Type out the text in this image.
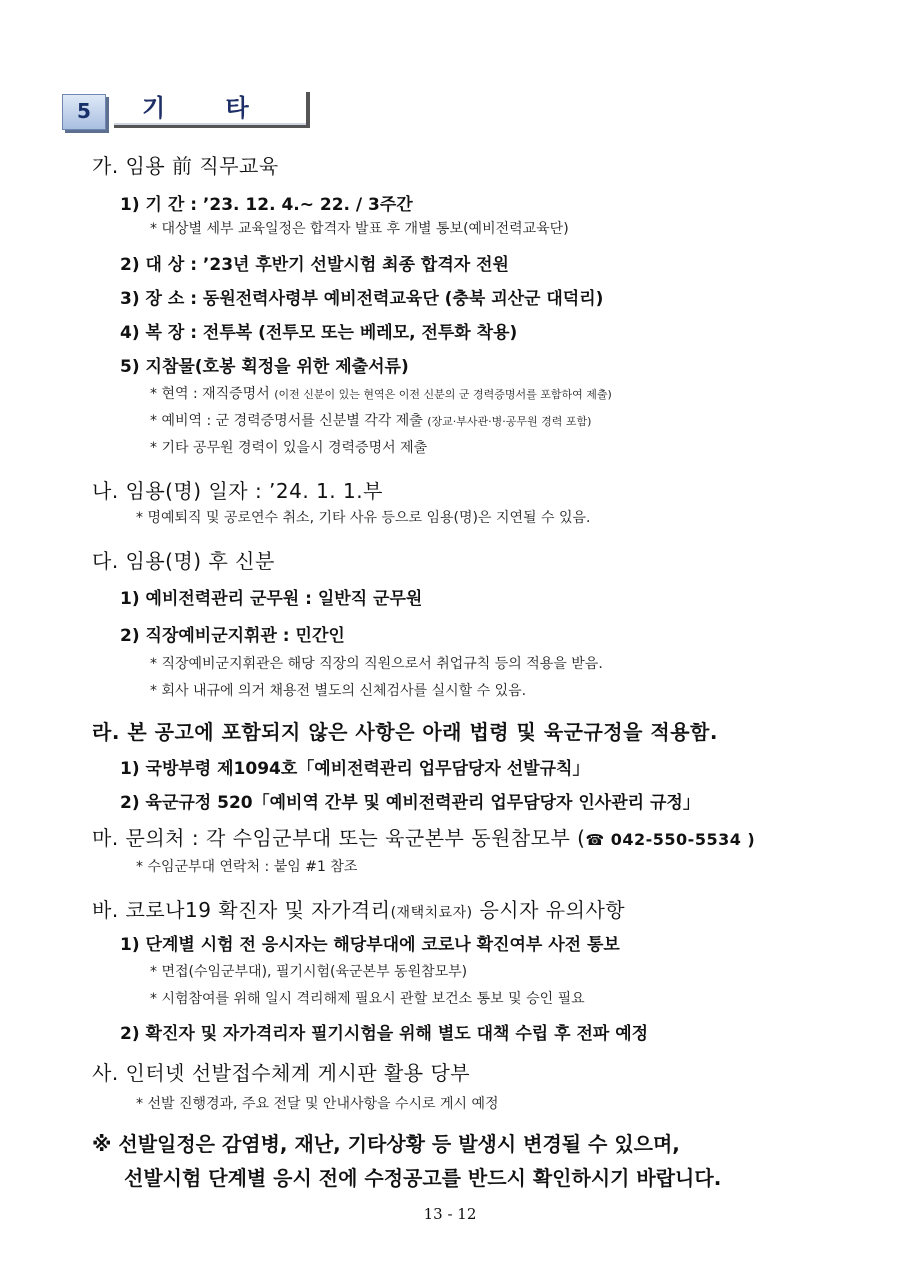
5	기 타
가. 임용 前 직무교육
1) 기 간 : ’23. 12. 4.~ 22. / 3주간
* 대상별 세부 교육일정은 합격자 발표 후 개별 통보(예비전력교육단)
2) 대 상 : ’23년 후반기 선발시험 최종 합격자 전원
3) 장 소 : 동원전력사령부 예비전력교육단 (충북 괴산군 대덕리)
4) 복 장 : 전투복 (전투모 또는 베레모, 전투화 착용)
5) 지참물(호봉 획정을 위한 제출서류)
* 현역 : 재직증명서 (이전 신분이 있는 현역은 이전 신분의 군 경력증명서를 포함하여 제출)
* 예비역 : 군 경력증명서를 신분별 각각 제출 (장교·부사관·병·공무원 경력 포함)
* 기타 공무원 경력이 있을시 경력증명서 제출
나. 임용(명) 일자 : ’24. 1. 1.부
* 명예퇴직 및 공로연수 취소, 기타 사유 등으로 임용(명)은 지연될 수 있음.
다. 임용(명) 후 신분
1) 예비전력관리 군무원 : 일반직 군무원
2) 직장예비군지휘관 : 민간인
* 직장예비군지휘관은 해당 직장의 직원으로서 취업규칙 등의 적용을 받음.
* 회사 내규에 의거 채용전 별도의 신체검사를 실시할 수 있음.
라. 본 공고에 포함되지 않은 사항은 아래 법령 및 육군규정을 적용함.
1) 국방부령 제1094호「예비전력관리 업무담당자 선발규칙」
2) 육군규정 520「예비역 간부 및 예비전력관리 업무담당자 인사관리 규정」
마. 문의처 : 각 수임군부대 또는 육군본부 동원참모부 (☎ 042-550-5534 )
* 수임군부대 연락처 : 붙임 #1 참조
바. 코로나19 확진자 및 자가격리(재택치료자) 응시자 유의사항
1) 단계별 시험 전 응시자는 해당부대에 코로나 확진여부 사전 통보
* 면접(수임군부대), 필기시험(육군본부 동원참모부)
* 시험참여를 위해 일시 격리해제 필요시 관할 보건소 통보 및 승인 필요
2) 확진자 및 자가격리자 필기시험을 위해 별도 대책 수립 후 전파 예정
사. 인터넷 선발접수체계 게시판 활용 당부
* 선발 진행경과, 주요 전달 및 안내사항을 수시로 게시 예정
※ 선발일정은 감염병, 재난, 기타상황 등 발생시 변경될 수 있으며,
선발시험 단계별 응시 전에 수정공고를 반드시 확인하시기 바랍니다.
13 - 12
